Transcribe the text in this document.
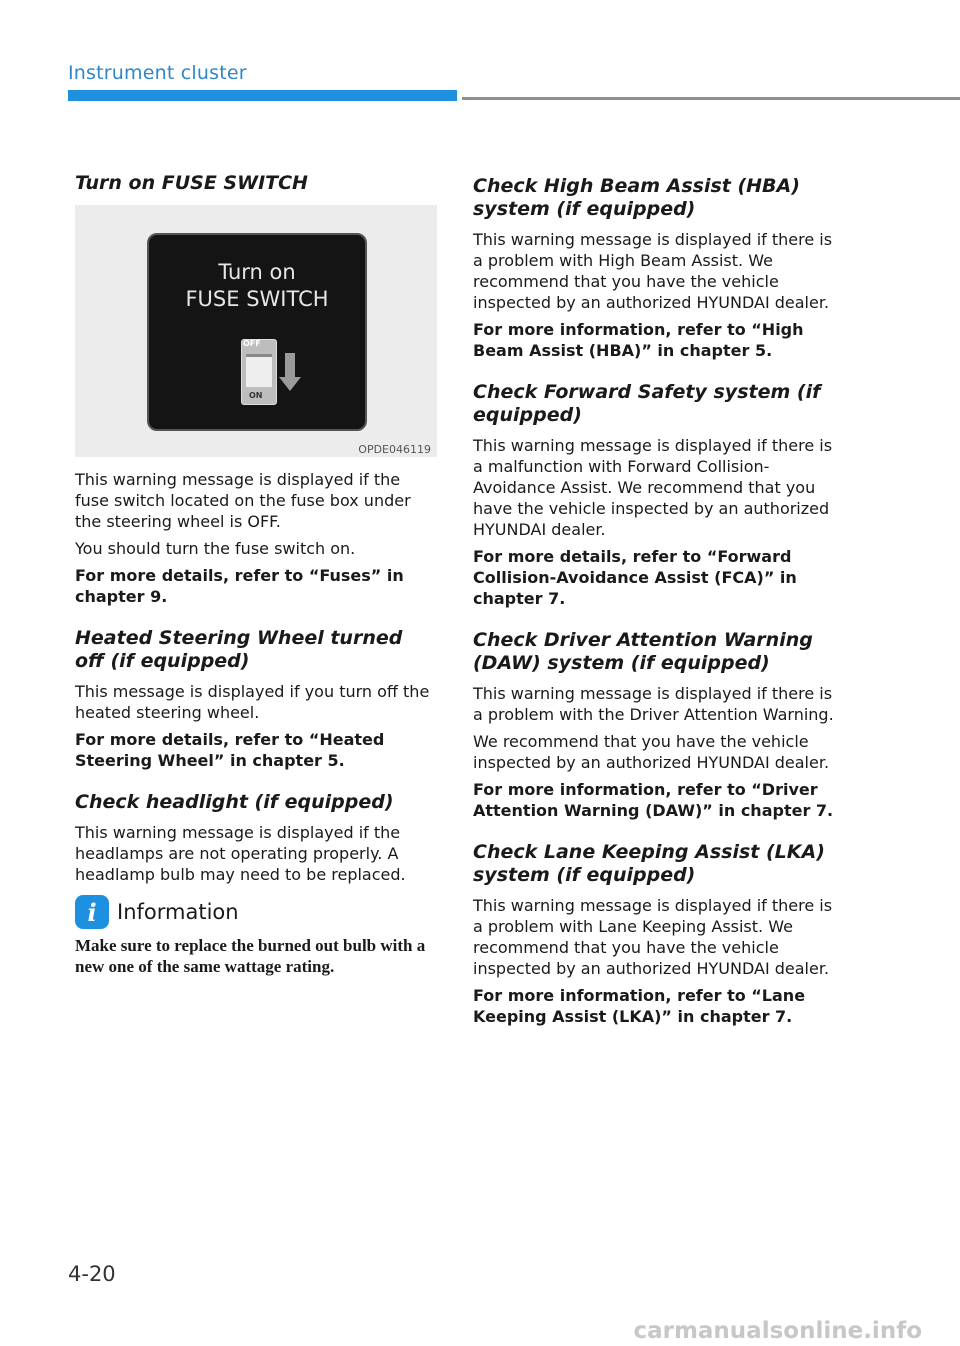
Instrument cluster
Turn on FUSE SWITCH
Turn on
FUSE SWITCH
OFF
ON
OPDE046119

This warning message is displayed if the fuse switch located on the fuse box under the steering wheel is OFF.

You should turn the fuse switch on.

For more details, refer to “Fuses” in chapter 9.

Heated Steering Wheel turned off (if equipped)

This message is displayed if you turn off the heated steering wheel.

For more details, refer to “Heated Steering Wheel” in chapter 5.

Check headlight (if equipped)

This warning message is displayed if the headlamps are not operating properly. A headlamp bulb may need to be replaced.

i Information

Make sure to replace the burned out bulb with a new one of the same wattage rating.

Check High Beam Assist (HBA) system (if equipped)

This warning message is displayed if there is a problem with High Beam Assist. We recommend that you have the vehicle inspected by an authorized HYUNDAI dealer.

For more information, refer to “High Beam Assist (HBA)” in chapter 5.

Check Forward Safety system (if equipped)

This warning message is displayed if there is a malfunction with Forward Collision-Avoidance Assist. We recommend that you have the vehicle inspected by an authorized HYUNDAI dealer.

For more details, refer to “Forward Collision-Avoidance Assist (FCA)” in chapter 7.

Check Driver Attention Warning (DAW) system (if equipped)

This warning message is displayed if there is a problem with the Driver Attention Warning.

We recommend that you have the vehicle inspected by an authorized HYUNDAI dealer.

For more information, refer to “Driver Attention Warning (DAW)” in chapter 7.

Check Lane Keeping Assist (LKA) system (if equipped)

This warning message is displayed if there is a problem with Lane Keeping Assist. We recommend that you have the vehicle inspected by an authorized HYUNDAI dealer.

For more information, refer to “Lane Keeping Assist (LKA)” in chapter 7.

4-20
carmanualsonline.info
